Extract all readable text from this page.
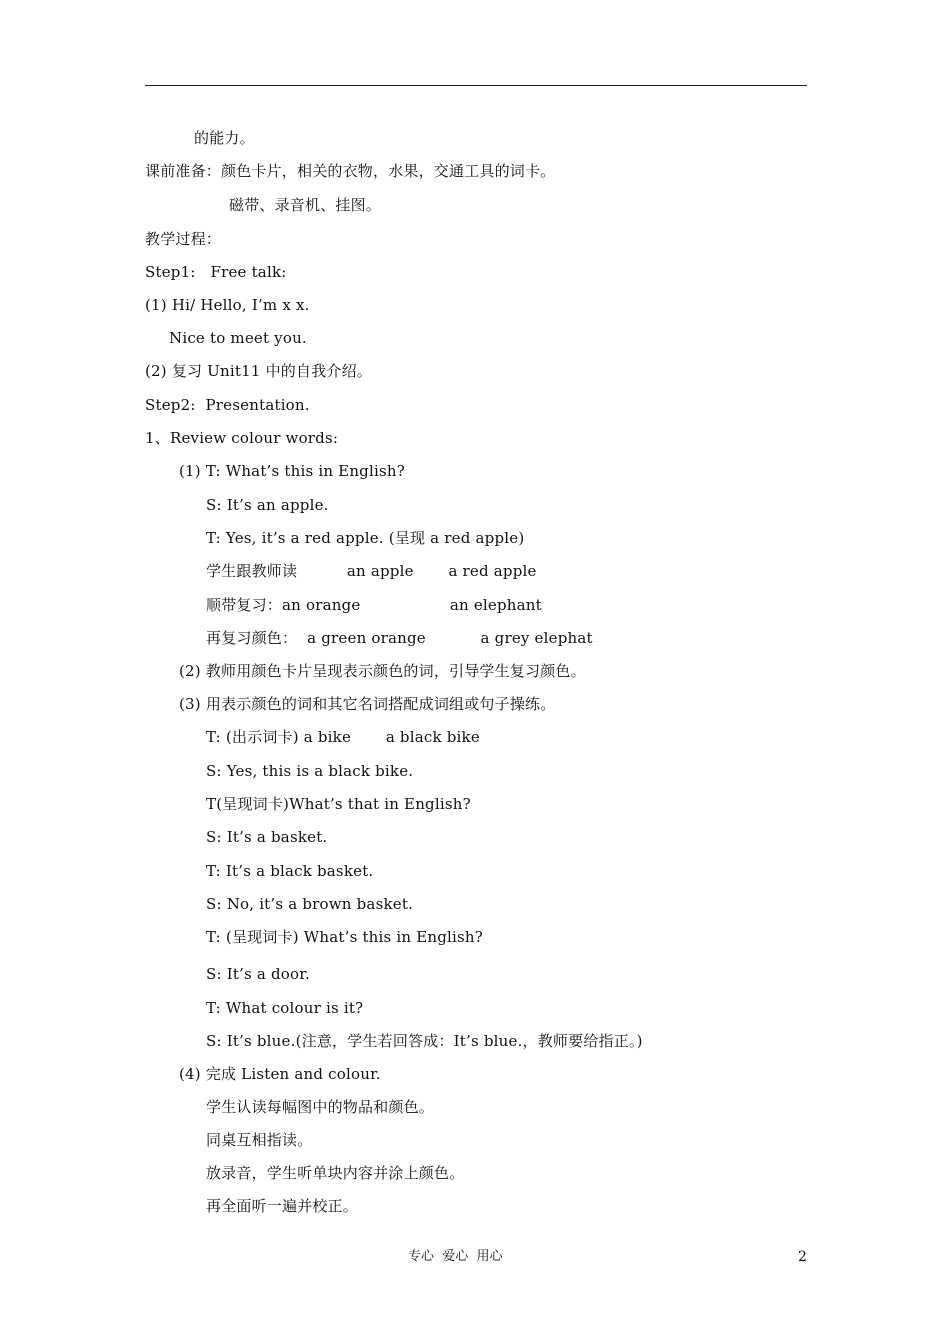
的能力。
课前准备：颜色卡片，相关的衣物，水果，交通工具的词卡。
磁带、录音机、挂图。
教学过程：
Step1:   Free talk:
(1) Hi/ Hello, I’m x x.
Nice to meet you.
(2) 复习 Unit11 中的自我介绍。
Step2:  Presentation.
1、Review colour words:
(1) T: What’s this in English?
S: It’s an apple.
T: Yes, it’s a red apple. (呈现 a red apple)
学生跟教师读          an apple       a red apple
顺带复习：an orange                  an elephant
再复习颜色：  a green orange           a grey elephat
(2) 教师用颜色卡片呈现表示颜色的词，引导学生复习颜色。
(3) 用表示颜色的词和其它名词搭配成词组或句子操练。
T: (出示词卡) a bike       a black bike
S: Yes, this is a black bike.
T(呈现词卡)What’s that in English?
S: It’s a basket.
T: It’s a black basket.
S: No, it’s a brown basket.
T: (呈现词卡) What’s this in English?
S: It’s a door.
T: What colour is it?
S: It’s blue.(注意，学生若回答成：It’s blue.，教师要给指正。)
(4) 完成 Listen and colour.
学生认读每幅图中的物品和颜色。
同桌互相指读。
放录音，学生听单块内容并涂上颜色。
再全面听一遍并校正。
专心  爱心  用心	2
